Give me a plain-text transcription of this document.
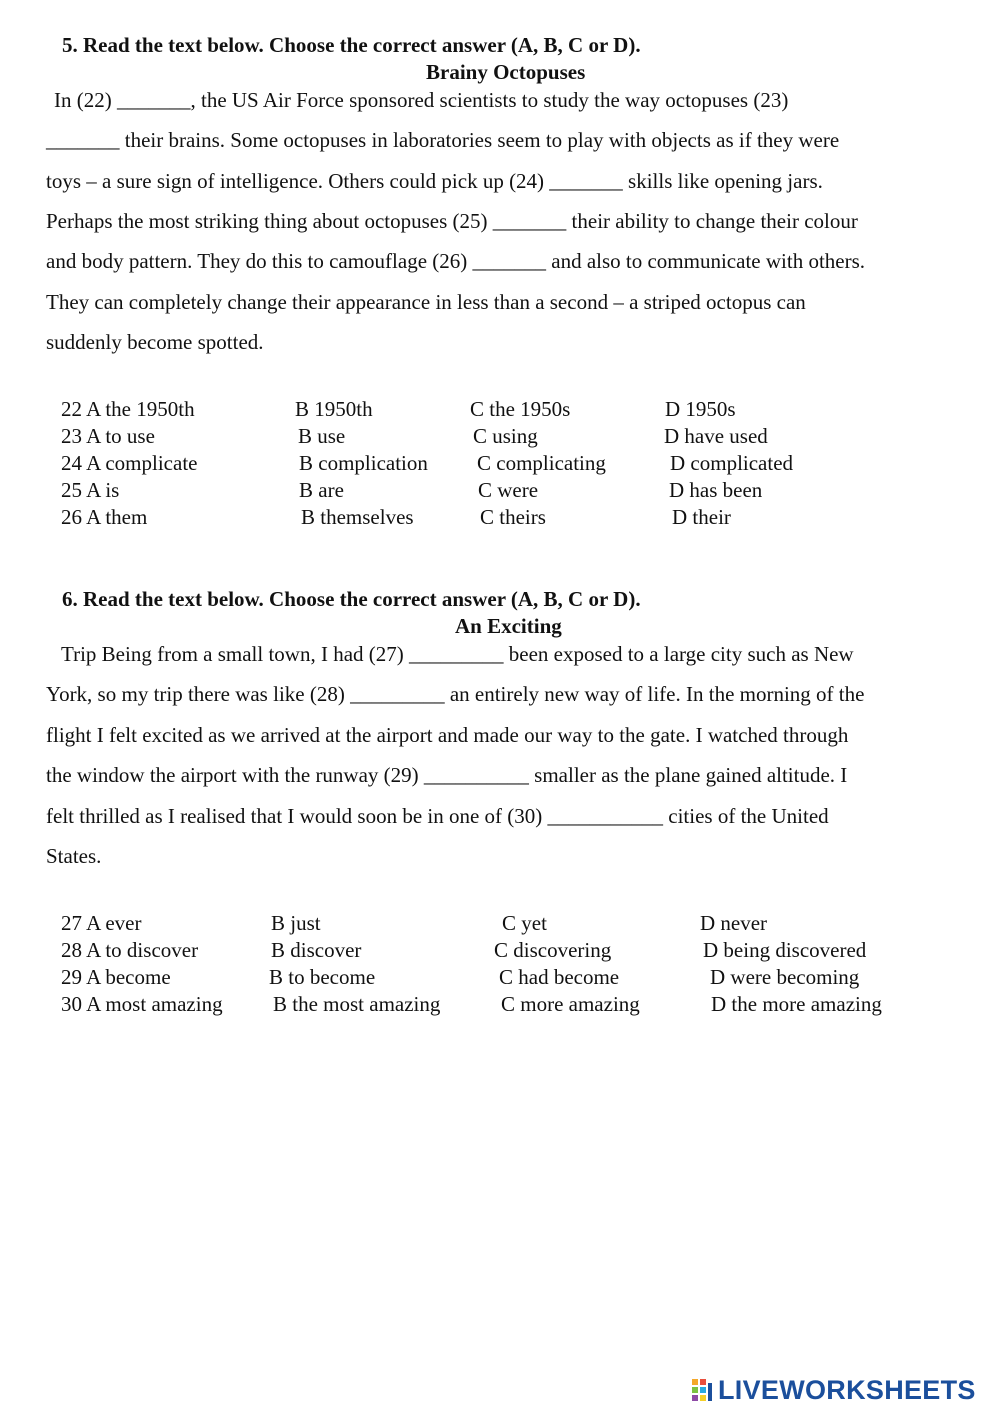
5. Read the text below. Choose the correct answer (A, B, C or D).
Brainy Octopuses
In (22) _______, the US Air Force sponsored scientists to study the way octopuses (23)
_______ their brains. Some octopuses in laboratories seem to play with objects as if they were
toys – a sure sign of intelligence. Others could pick up (24) _______ skills like opening jars.
Perhaps the most striking thing about octopuses (25) _______ their ability to change their colour
and body pattern. They do this to camouflage (26) _______ and also to communicate with others.
They can completely change their appearance in less than a second – a striped octopus can
suddenly become spotted.
22 A the 1950th	B 1950th	C the 1950s	D 1950s
23 A to use	B use	C using	D have used
24 A complicate	B complication C complicating	D complicated
25 A is	B are	C were	D has been
26 A them	B themselves	C theirs	D their
6. Read the text below. Choose the correct answer (A, B, C or D).
An Exciting
Trip Being from a small town, I had (27) _________ been exposed to a large city such as New
York, so my trip there was like (28) _________ an entirely new way of life. In the morning of the
flight I felt excited as we arrived at the airport and made our way to the gate. I watched through
the window the airport with the runway (29) __________ smaller as the plane gained altitude. I
felt thrilled as I realised that I would soon be in one of (30) ___________ cities of the United
States.
27 A ever	B just	C yet	D never
28 A to discover	B discover	C discovering	D being discovered
29 A become	B to become	C had become	D were becoming
30 A most amazing B the most amazing	C more amazing	D the more amazing
LIVEWORKSHEETS
